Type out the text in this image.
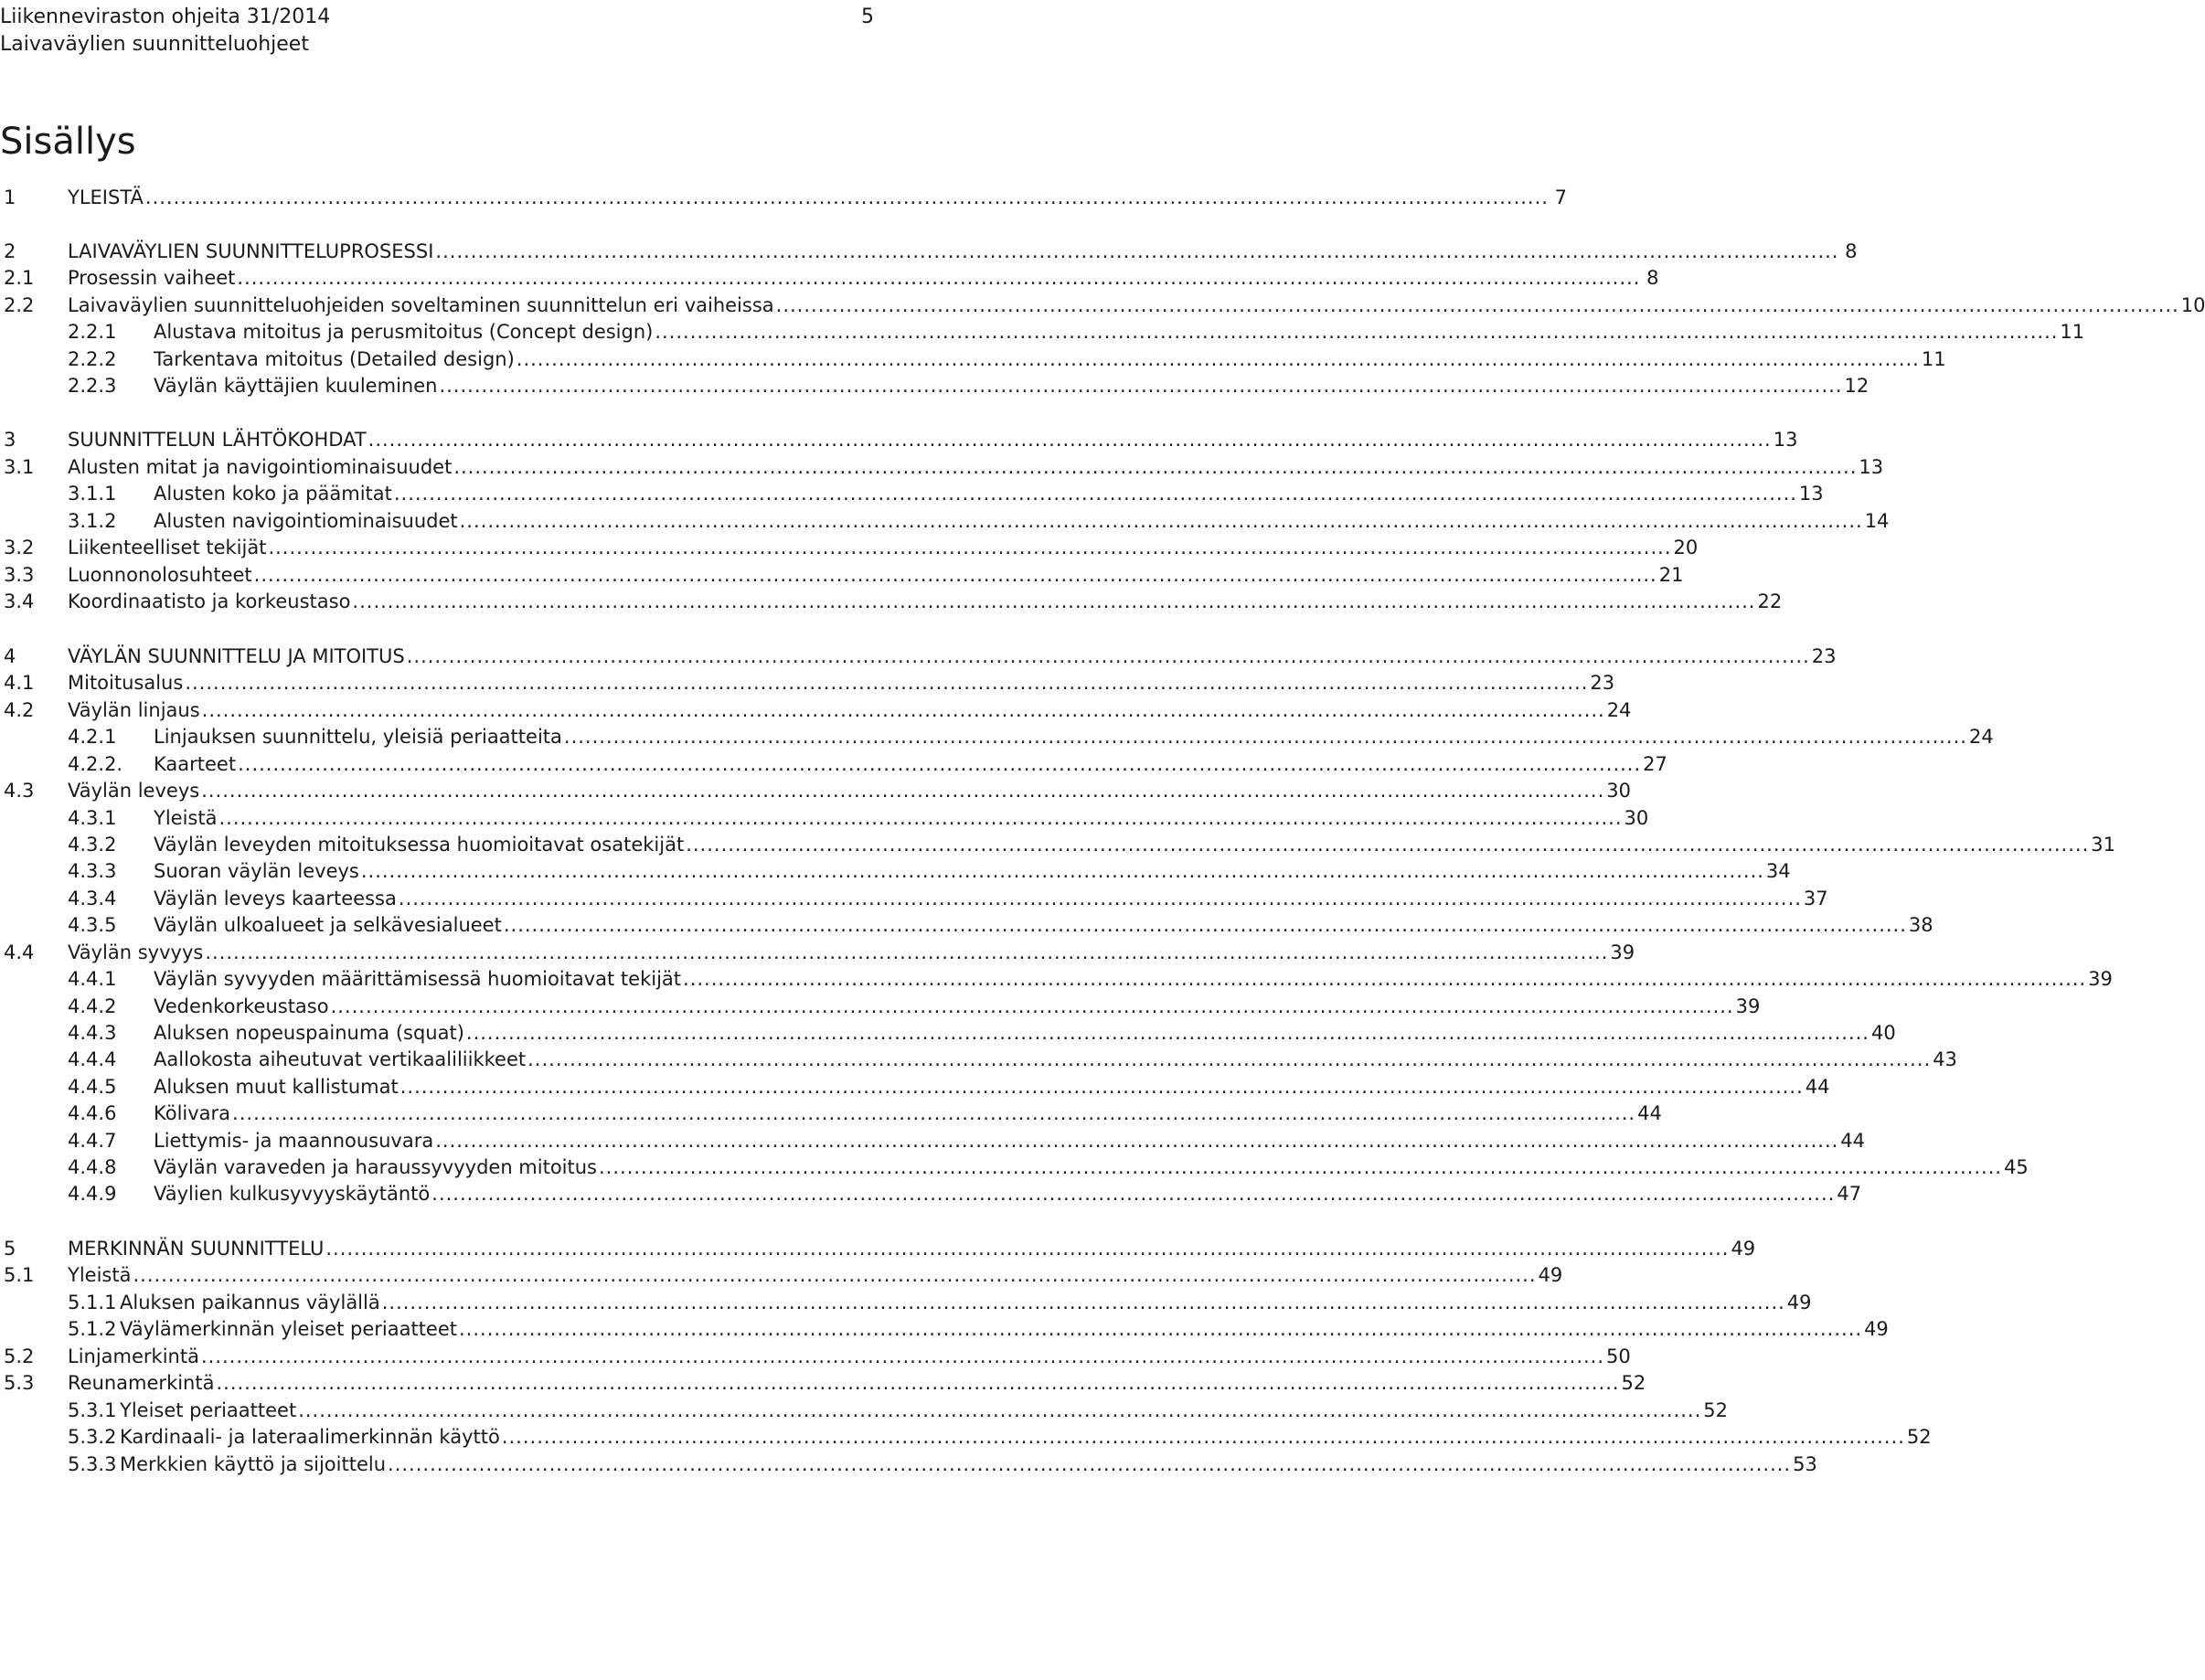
Liikenneviraston ohjeita 31/2014
Laivaväylien suunnitteluohjeet
5
Sisällys
1	YLEISTÄ ........................................................................................................................................................................................................ 7
2	LAIVAVÄYLIEN SUUNNITTELUPROSESSI ........................................................................................................................................................................................................ 8
2.1 Prosessin vaiheet ........................................................................................................................................................................................................ 8
2.2 Laivaväylien suunnitteluohjeiden soveltaminen suunnittelun eri vaiheissa ........................................................................................................................................................................................................ 10
2.2.1 Alustava mitoitus ja perusmitoitus (Concept design) ........................................................................................................................................................................................................ 11
2.2.2 Tarkentava mitoitus (Detailed design) ........................................................................................................................................................................................................ 11
2.2.3 Väylän käyttäjien kuuleminen ........................................................................................................................................................................................................ 12
3	SUUNNITTELUN LÄHTÖKOHDAT ........................................................................................................................................................................................................ 13
3.1 Alusten mitat ja navigointiominaisuudet ........................................................................................................................................................................................................ 13
3.1.1 Alusten koko ja päämitat ........................................................................................................................................................................................................ 13
3.1.2 Alusten navigointiominaisuudet ........................................................................................................................................................................................................ 14
3.2 Liikenteelliset tekijät ........................................................................................................................................................................................................ 20
3.3 Luonnonolosuhteet ........................................................................................................................................................................................................ 21
3.4 Koordinaatisto ja korkeustaso ........................................................................................................................................................................................................ 22
4	VÄYLÄN SUUNNITTELU JA MITOITUS ........................................................................................................................................................................................................ 23
4.1 Mitoitusalus ........................................................................................................................................................................................................ 23
4.2 Väylän linjaus ........................................................................................................................................................................................................ 24
4.2.1 Linjauksen suunnittelu, yleisiä periaatteita ........................................................................................................................................................................................................ 24
4.2.2. Kaarteet ........................................................................................................................................................................................................ 27
4.3 Väylän leveys ........................................................................................................................................................................................................ 30
4.3.1 Yleistä ........................................................................................................................................................................................................ 30
4.3.2 Väylän leveyden mitoituksessa huomioitavat osatekijät ........................................................................................................................................................................................................ 31
4.3.3 Suoran väylän leveys ........................................................................................................................................................................................................ 34
4.3.4 Väylän leveys kaarteessa ........................................................................................................................................................................................................ 37
4.3.5 Väylän ulkoalueet ja selkävesialueet ........................................................................................................................................................................................................ 38
4.4 Väylän syvyys ........................................................................................................................................................................................................ 39
4.4.1 Väylän syvyyden määrittämisessä huomioitavat tekijät ........................................................................................................................................................................................................ 39
4.4.2 Vedenkorkeustaso ........................................................................................................................................................................................................ 39
4.4.3 Aluksen nopeuspainuma (squat) ........................................................................................................................................................................................................ 40
4.4.4 Aallokosta aiheutuvat vertikaaliliikkeet ........................................................................................................................................................................................................ 43
4.4.5 Aluksen muut kallistumat ........................................................................................................................................................................................................ 44
4.4.6 Kölivara ........................................................................................................................................................................................................ 44
4.4.7 Liettymis- ja maannousuvara ........................................................................................................................................................................................................ 44
4.4.8 Väylän varaveden ja haraussyvyyden mitoitus ........................................................................................................................................................................................................ 45
4.4.9 Väylien kulkusyvyyskäytäntö ........................................................................................................................................................................................................ 47
5	MERKINNÄN SUUNNITTELU ........................................................................................................................................................................................................ 49
5.1 Yleistä ........................................................................................................................................................................................................ 49
5.1.1 Aluksen paikannus väylällä ........................................................................................................................................................................................................ 49
5.1.2 Väylämerkinnän yleiset periaatteet ........................................................................................................................................................................................................ 49
5.2 Linjamerkintä ........................................................................................................................................................................................................ 50
5.3 Reunamerkintä ........................................................................................................................................................................................................ 52
5.3.1 Yleiset periaatteet ........................................................................................................................................................................................................ 52
5.3.2 Kardinaali- ja lateraalimerkinnän käyttö ........................................................................................................................................................................................................ 52
5.3.3 Merkkien käyttö ja sijoittelu ........................................................................................................................................................................................................ 53
